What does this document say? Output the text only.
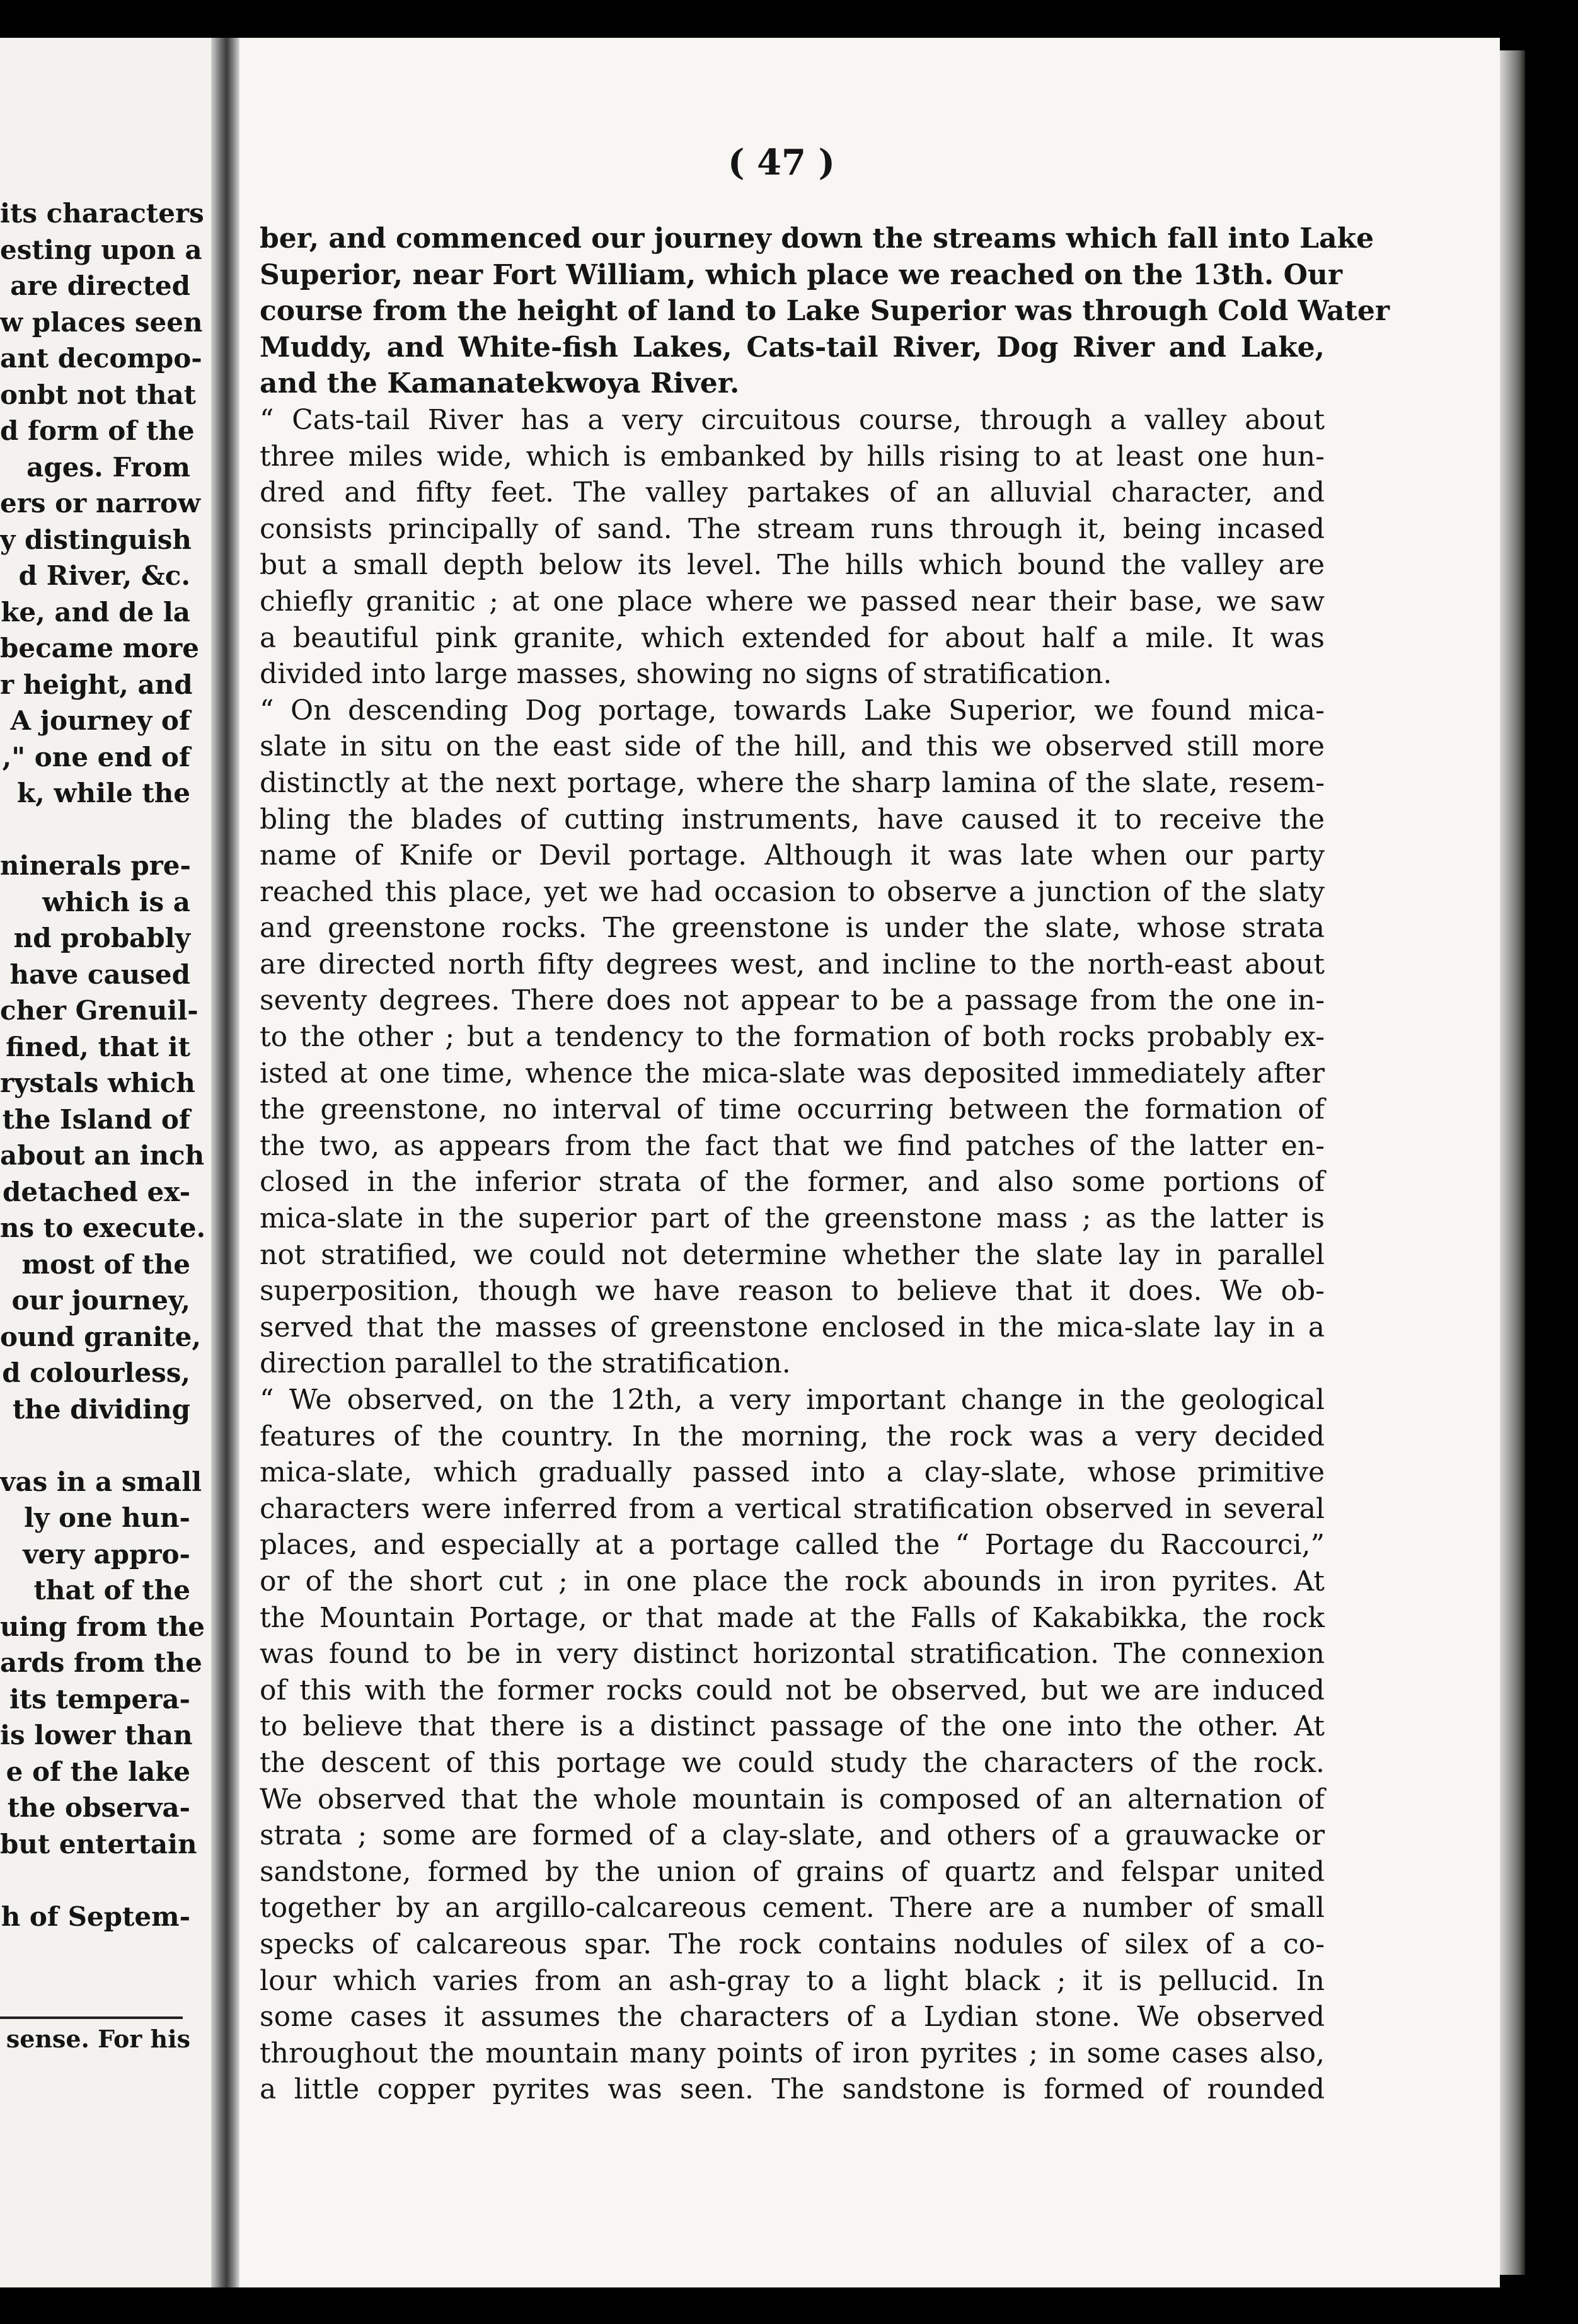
its characters
esting upon a
are directed
w places seen
ant decompo-
onbt not that
d form of the
ages. From
ers or narrow
y distinguish
d River, &c.
ke, and de la
became more
r height, and
A journey of
," one end of
k, while the

ninerals pre-
which is a
nd probably
have caused
cher Grenuil-
fined, that it
rystals which
the Island of
about an inch
detached ex-
ns to execute.
most of the
our journey,
ound granite,
d colourless,
the dividing

vas in a small
ly one hun-
very appro-
that of the
uing from the
ards from the
its tempera-
is lower than
e of the lake
the observa-
but entertain

h of Septem-
sense. For his
( 47 )
ber, and commenced our journey down the streams which fall into Lake
Superior, near Fort William, which place we reached on the 13th. Our
course from the height of land to Lake Superior was through Cold Water
Muddy, and White-fish Lakes, Cats-tail River, Dog River and Lake,
and the Kamanatekwoya River.
“ Cats-tail River has a very circuitous course, through a valley about
three miles wide, which is embanked by hills rising to at least one hun-
dred and fifty feet. The valley partakes of an alluvial character, and
consists principally of sand. The stream runs through it, being incased
but a small depth below its level. The hills which bound the valley are
chiefly granitic ; at one place where we passed near their base, we saw
a beautiful pink granite, which extended for about half a mile. It was
divided into large masses, showing no signs of stratification.
“ On descending Dog portage, towards Lake Superior, we found mica-
slate in situ on the east side of the hill, and this we observed still more
distinctly at the next portage, where the sharp lamina of the slate, resem-
bling the blades of cutting instruments, have caused it to receive the
name of Knife or Devil portage. Although it was late when our party
reached this place, yet we had occasion to observe a junction of the slaty
and greenstone rocks. The greenstone is under the slate, whose strata
are directed north fifty degrees west, and incline to the north-east about
seventy degrees. There does not appear to be a passage from the one in-
to the other ; but a tendency to the formation of both rocks probably ex-
isted at one time, whence the mica-slate was deposited immediately after
the greenstone, no interval of time occurring between the formation of
the two, as appears from the fact that we find patches of the latter en-
closed in the inferior strata of the former, and also some portions of
mica-slate in the superior part of the greenstone mass ; as the latter is
not stratified, we could not determine whether the slate lay in parallel
superposition, though we have reason to believe that it does. We ob-
served that the masses of greenstone enclosed in the mica-slate lay in a
direction parallel to the stratification.
“ We observed, on the 12th, a very important change in the geological
features of the country. In the morning, the rock was a very decided
mica-slate, which gradually passed into a clay-slate, whose primitive
characters were inferred from a vertical stratification observed in several
places, and especially at a portage called the “ Portage du Raccourci,”
or of the short cut ; in one place the rock abounds in iron pyrites. At
the Mountain Portage, or that made at the Falls of Kakabikka, the rock
was found to be in very distinct horizontal stratification. The connexion
of this with the former rocks could not be observed, but we are induced
to believe that there is a distinct passage of the one into the other. At
the descent of this portage we could study the characters of the rock.
We observed that the whole mountain is composed of an alternation of
strata ; some are formed of a clay-slate, and others of a grauwacke or
sandstone, formed by the union of grains of quartz and felspar united
together by an argillo-calcareous cement. There are a number of small
specks of calcareous spar. The rock contains nodules of silex of a co-
lour which varies from an ash-gray to a light black ; it is pellucid. In
some cases it assumes the characters of a Lydian stone. We observed
throughout the mountain many points of iron pyrites ; in some cases also,
a little copper pyrites was seen. The sandstone is formed of rounded
